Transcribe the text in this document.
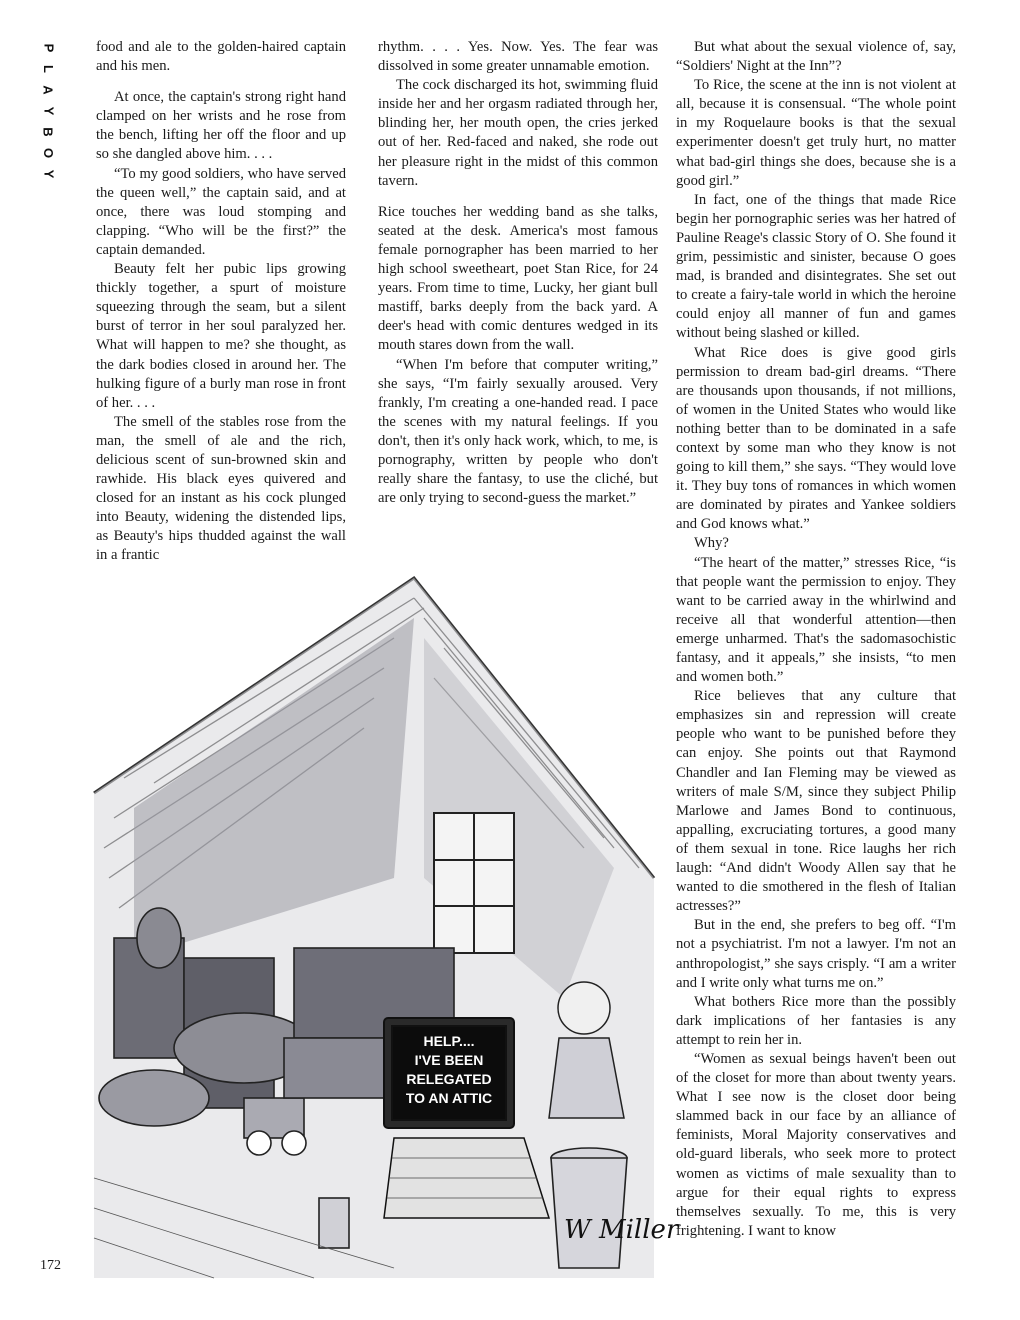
P
L
A
Y
B
O
Y

food and ale to the golden-haired captain and his men.

At once, the captain's strong right hand clamped on her wrists and he rose from the bench, lifting her off the floor and up so she dangled above him. . . .

“To my good soldiers, who have served the queen well,” the captain said, and at once, there was loud stomping and clapping. “Who will be the first?” the captain demanded.

Beauty felt her pubic lips growing thickly together, a spurt of moisture squeezing through the seam, but a silent burst of terror in her soul paralyzed her. What will happen to me? she thought, as the dark bodies closed in around her. The hulking figure of a burly man rose in front of her. . . .

The smell of the stables rose from the man, the smell of ale and the rich, delicious scent of sun-browned skin and rawhide. His black eyes quivered and closed for an instant as his cock plunged into Beauty, widening the distended lips, as Beauty's hips thudded against the wall in a frantic

rhythm. . . . Yes. Now. Yes. The fear was dissolved in some greater unnamable emotion.

The cock discharged its hot, swimming fluid inside her and her orgasm radiated through her, blinding her, her mouth open, the cries jerked out of her. Red-faced and naked, she rode out her pleasure right in the midst of this common tavern.

Rice touches her wedding band as she talks, seated at the desk. America's most famous female pornographer has been married to her high school sweetheart, poet Stan Rice, for 24 years. From time to time, Lucky, her giant bull mastiff, barks deeply from the back yard. A deer's head with comic dentures wedged in its mouth stares down from the wall.

“When I'm before that computer writing,” she says, “I'm fairly sexually aroused. Very frankly, I'm creating a one-handed read. I pace the scenes with my natural feelings. If you don't, then it's only hack work, which, to me, is pornography, written by people who don't really share the fantasy, to use the cliché, but are only trying to second-guess the market.”

But what about the sexual violence of, say, “Soldiers' Night at the Inn”?

To Rice, the scene at the inn is not violent at all, because it is consensual. “The whole point in my Roquelaure books is that the sexual experimenter doesn't get truly hurt, no matter what bad-girl things she does, because she is a good girl.”

In fact, one of the things that made Rice begin her pornographic series was her hatred of Pauline Reage's classic Story of O. She found it grim, pessimistic and sinister, because O goes mad, is branded and disintegrates. She set out to create a fairy-tale world in which the heroine could enjoy all manner of fun and games without being slashed or killed.

What Rice does is give good girls permission to dream bad-girl dreams. “There are thousands upon thousands, if not millions, of women in the United States who would like nothing better than to be dominated in a safe context by some man who they know is not going to kill them,” she says. “They would love it. They buy tons of romances in which women are dominated by pirates and Yankee soldiers and God knows what.”

Why?

“The heart of the matter,” stresses Rice, “is that people want the permission to enjoy. They want to be carried away in the whirlwind and receive all that wonderful attention—then emerge unharmed. That's the sadomasochistic fantasy, and it appeals,” she insists, “to men and women both.”

Rice believes that any culture that emphasizes sin and repression will create people who want to be punished before they can enjoy. She points out that Raymond Chandler and Ian Fleming may be viewed as writers of male S/M, since they subject Philip Marlowe and James Bond to continuous, appalling, excruciating tortures, a good many of them sexual in tone. Rice laughs her rich laugh: “And didn't Woody Allen say that he wanted to die smothered in the flesh of Italian actresses?”

But in the end, she prefers to beg off. “I'm not a psychiatrist. I'm not a lawyer. I'm not an anthropologist,” she says crisply. “I am a writer and I write only what turns me on.”

What bothers Rice more than the possibly dark implications of her fantasies is any attempt to rein her in.

“Women as sexual beings haven't been out of the closet for more than about twenty years. What I see now is the closet door being slammed back in our face by an alliance of feminists, Moral Majority conservatives and old-guard liberals, who seek more to protect women as victims of male sexuality than to argue for their equal rights to express themselves sexually. To me, this is very frightening. I want to know

HELP....
I'VE BEEN
RELEGATED
TO AN ATTIC
W Miller
172
